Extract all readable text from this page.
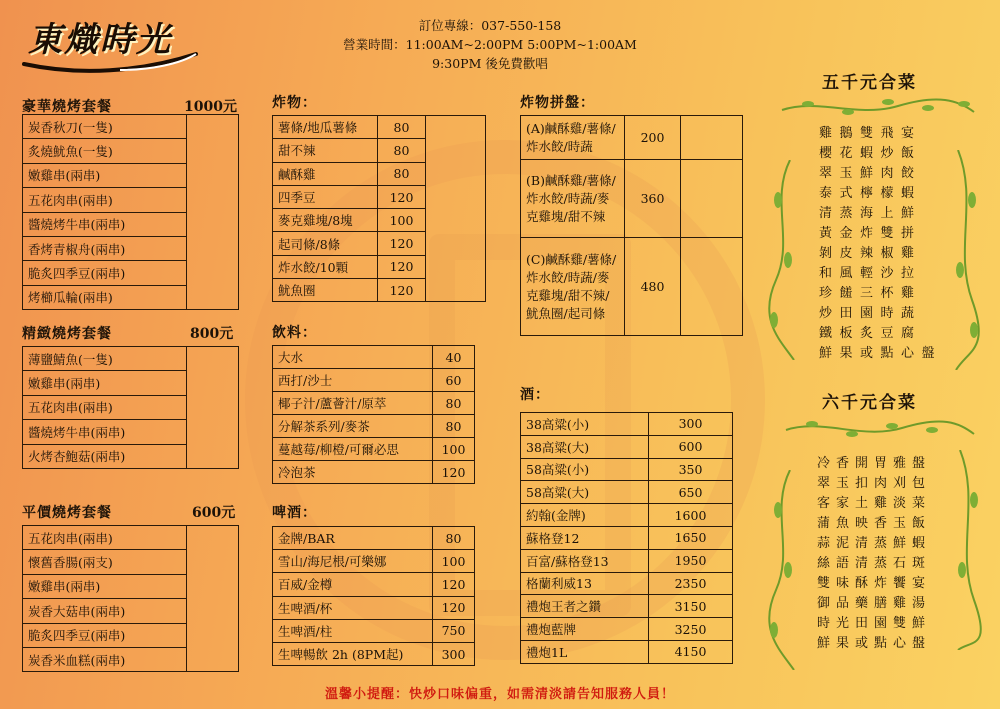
東熾時光	訂位專線：037-550-158
營業時間：11:00AM~2:00PM 5:00PM~1:00AM
9:30PM 後免費歡唱
豪華燒烤套餐	1000元
炭香秋刀(一隻)	
炙燒魷魚(一隻)
嫩雞串(兩串)
五花肉串(兩串)
醬燒烤牛串(兩串)
香烤青椒舟(兩串)
脆炙四季豆(兩串)
烤櫛瓜輪(兩串)
精緻燒烤套餐	800元
薄鹽鯖魚(一隻)	
嫩雞串(兩串)
五花肉串(兩串)
醬燒烤牛串(兩串)
火烤杏鮑菇(兩串)
平價燒烤套餐	600元
五花肉串(兩串)	
懷舊香腸(兩支)
嫩雞串(兩串)
炭香大菇串(兩串)
脆炙四季豆(兩串)
炭香米血糕(兩串)
炸物：
薯條/地瓜薯條	80	
甜不辣	80	
鹹酥雞	80	
四季豆	120	
麥克雞塊/8塊	100	
起司條/8條	120	
炸水餃/10顆	120	
魷魚圈	120	
飲料：
大水	40
西打/沙士	60
椰子汁/蘆薈汁/原萃	80
分解茶系列/麥茶	80
蔓越莓/柳橙/可爾必思	100
冷泡茶	120
啤酒：
金牌/BAR	80
雪山/海尼根/可樂娜	100
百威/金樽	120
生啤酒/杯	120
生啤酒/柱	750
生啤暢飲 2h (8PM起)	300
炸物拼盤：
(A)鹹酥雞/薯條/炸水餃/時蔬	200	
(B)鹹酥雞/薯條/炸水餃/時蔬/麥克雞塊/甜不辣	360	
(C)鹹酥雞/薯條/炸水餃/時蔬/麥克雞塊/甜不辣/魷魚圈/起司條	480	
酒：
38高粱(小)	300
38高粱(大)	600
58高粱(小)	350
58高粱(大)	650
約翰(金牌)	1600
蘇格登12	1650
百富/蘇格登13	1950
格蘭利威13	2350
禮炮王者之鑽	3150
禮炮藍牌	3250
禮炮1L	4150
五千元合菜
雞鵝雙飛宴
櫻花蝦炒飯
翠玉鮮肉餃
泰式檸檬蝦
清蒸海上鮮
黃金炸雙拼
剝皮辣椒雞
和風輕沙拉
珍饈三杯雞
炒田園時蔬
鐵板炙豆腐
鮮果或點心盤
六千元合菜
冷香開胃雅盤
翠玉扣肉刈包
客家土雞淡菜
蒲魚映香玉飯
蒜泥清蒸鮮蝦
絲語清蒸石斑
雙味酥炸饗宴
御品藥膳雞湯
時光田園雙鮮
鮮果或點心盤
溫馨小提醒：快炒口味偏重，如需清淡請告知服務人員！
